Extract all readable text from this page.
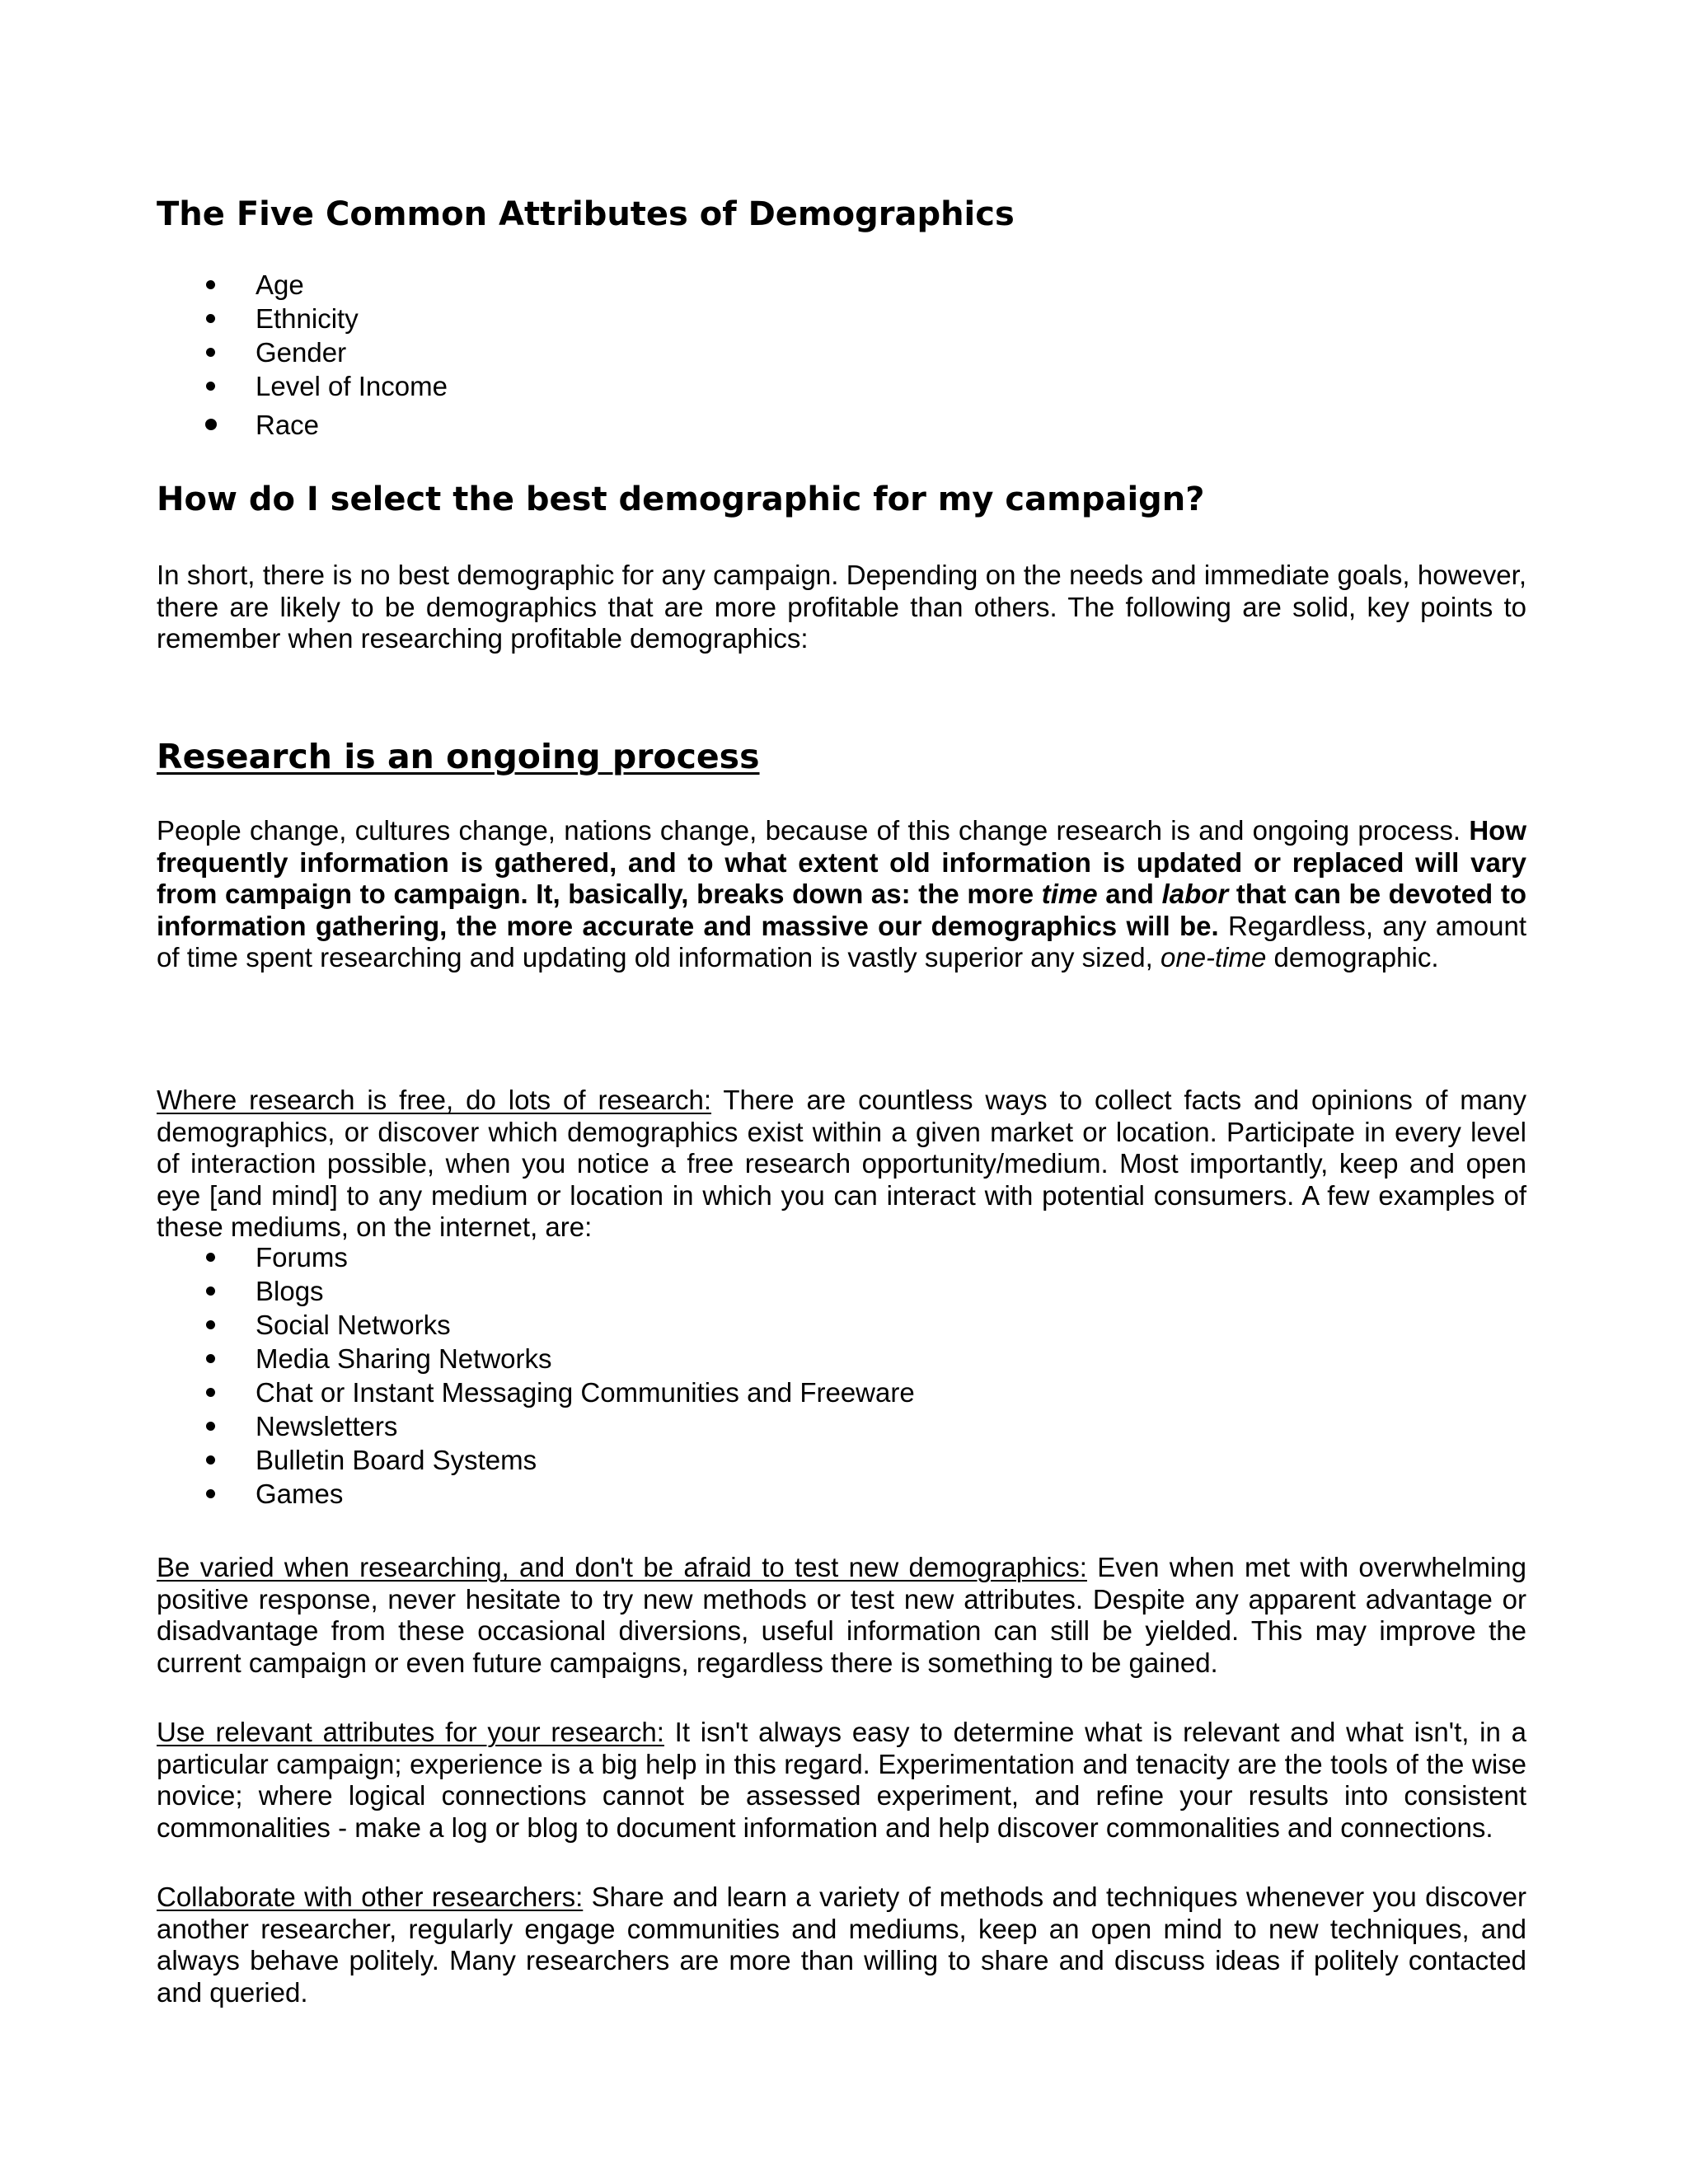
The Five Common Attributes of Demographics
Age
Ethnicity
Gender
Level of Income
Race
How do I select the best demographic for my campaign?

In short, there is no best demographic for any campaign. Depending on the needs and immediate goals, however, there are likely to be demographics that are more profitable than others. The following are solid, key points to remember when researching profitable demographics:

Research is an ongoing process

People change, cultures change, nations change, because of this change research is and ongoing process. How frequently information is gathered, and to what extent old information is updated or replaced will vary from campaign to campaign. It, basically, breaks down as: the more time and labor that can be devoted to information gathering, the more accurate and massive our demographics will be. Regardless, any amount of time spent researching and updating old information is vastly superior any sized, one-time demographic.

Where research is free, do lots of research: There are countless ways to collect facts and opinions of many demographics, or discover which demographics exist within a given market or location. Participate in every level of interaction possible, when you notice a free research opportunity/medium. Most importantly, keep and open eye [and mind] to any medium or location in which you can interact with potential consumers. A few examples of these mediums, on the internet, are:

Forums
Blogs
Social Networks
Media Sharing Networks
Chat or Instant Messaging Communities and Freeware
Newsletters
Bulletin Board Systems
Games

Be varied when researching, and don't be afraid to test new demographics: Even when met with overwhelming positive response, never hesitate to try new methods or test new attributes. Despite any apparent advantage or disadvantage from these occasional diversions, useful information can still be yielded. This may improve the current campaign or even future campaigns, regardless there is something to be gained.

Use relevant attributes for your research: It isn't always easy to determine what is relevant and what isn't, in a particular campaign; experience is a big help in this regard. Experimentation and tenacity are the tools of the wise novice; where logical connections cannot be assessed experiment, and refine your results into consistent commonalities - make a log or blog to document information and help discover commonalities and connections.

Collaborate with other researchers: Share and learn a variety of methods and techniques whenever you discover another researcher, regularly engage communities and mediums, keep an open mind to new techniques, and always behave politely. Many researchers are more than willing to share and discuss ideas if politely contacted and queried.
